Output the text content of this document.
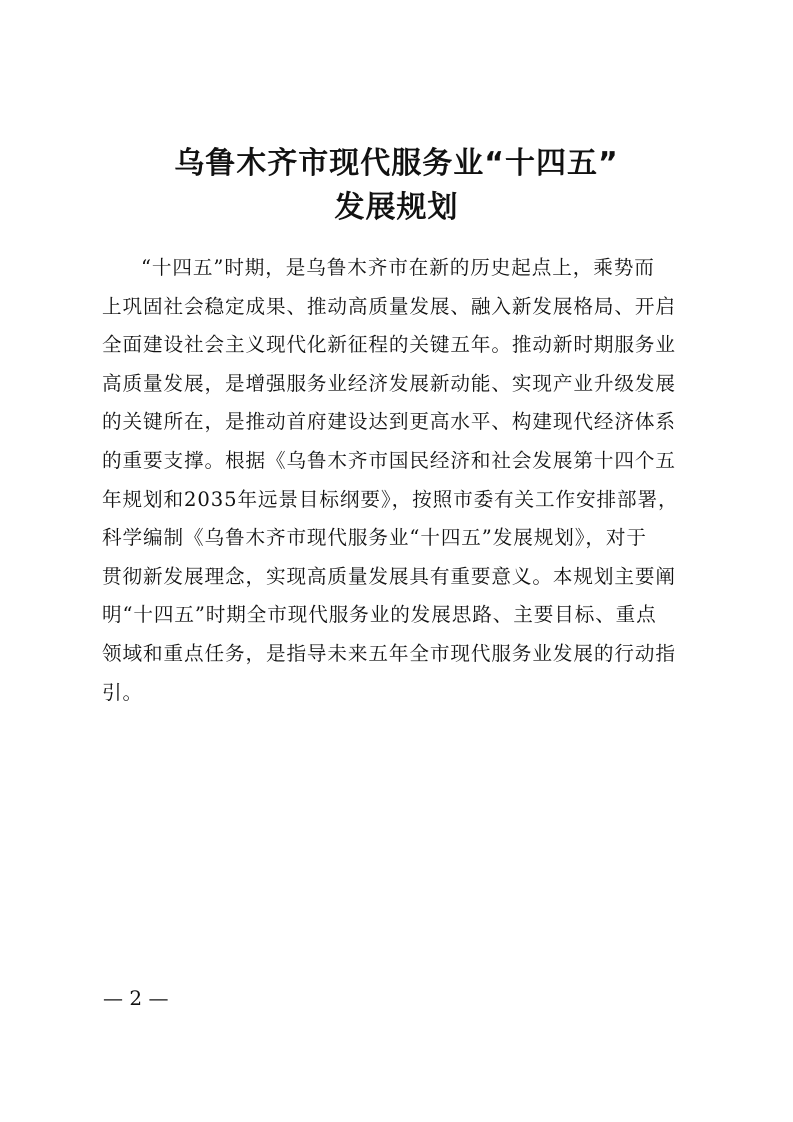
乌鲁木齐市现代服务业“十四五”
发展规划
“十四五”时期，是乌鲁木齐市在新的历史起点上，乘势而
上巩固社会稳定成果、推动高质量发展、融入新发展格局、开启
全面建设社会主义现代化新征程的关键五年。推动新时期服务业
高质量发展，是增强服务业经济发展新动能、实现产业升级发展
的关键所在，是推动首府建设达到更高水平、构建现代经济体系
的重要支撑。根据《乌鲁木齐市国民经济和社会发展第十四个五
年规划和2035年远景目标纲要》，按照市委有关工作安排部署，
科学编制《乌鲁木齐市现代服务业“十四五”发展规划》，对于
贯彻新发展理念，实现高质量发展具有重要意义。本规划主要阐
明“十四五”时期全市现代服务业的发展思路、主要目标、重点
领域和重点任务，是指导未来五年全市现代服务业发展的行动指
引。
— 2 —
